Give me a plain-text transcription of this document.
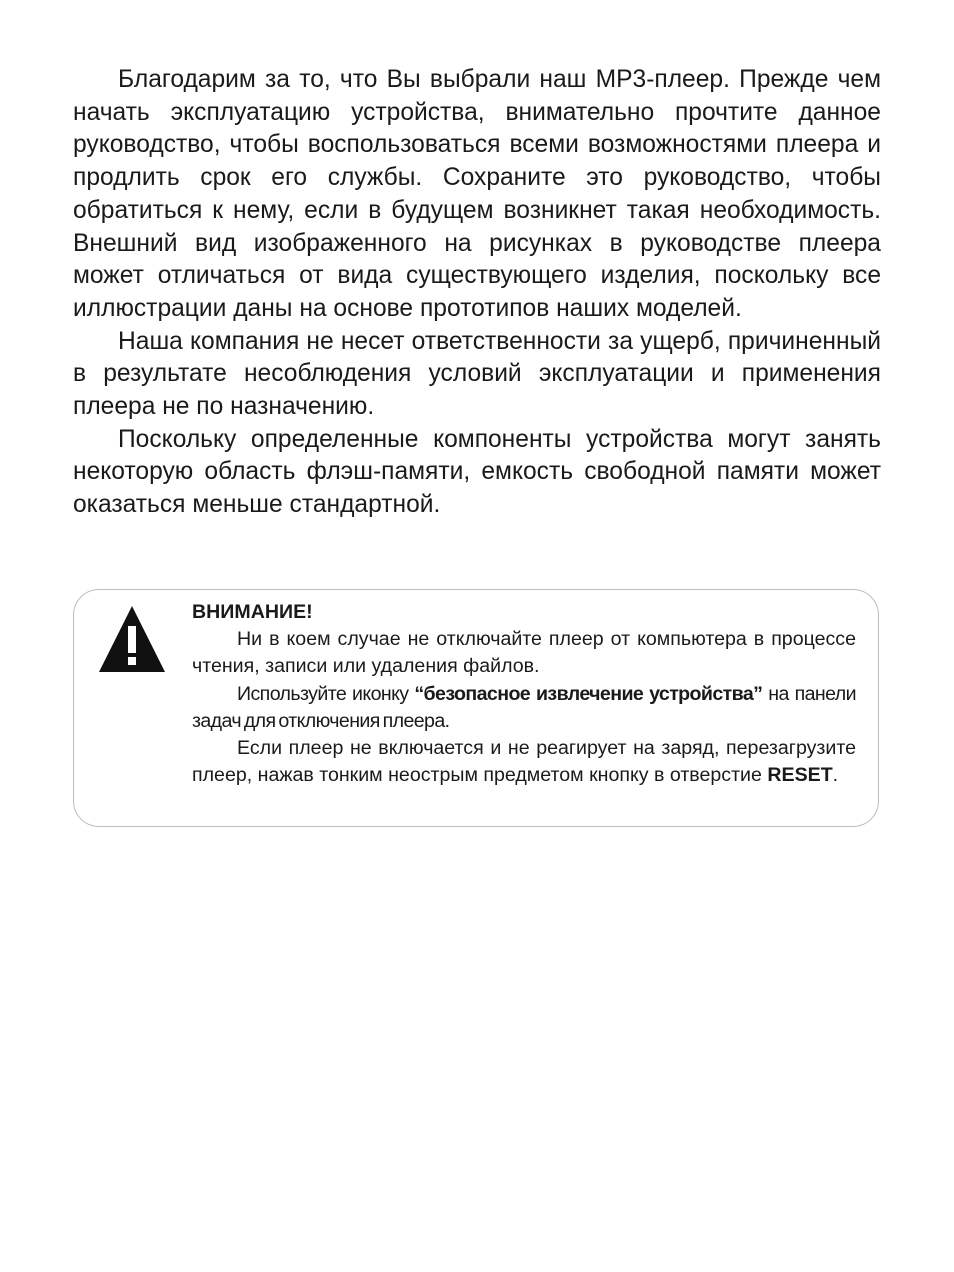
Благодарим за то, что Вы выбрали наш MP3-плеер. Прежде чем начать эксплуатацию устройства, внимательно прочтите данное руководство, чтобы воспользоваться всеми возможностями плеера и продлить срок его службы. Сохраните это руководство, чтобы обратиться к нему, если в будущем возникнет такая необходимость. Внешний вид изображенного на рисунках в руководстве плеера может отличаться от вида существующего изделия, поскольку все иллюстрации даны на основе прототипов наших моделей.

Наша компания не несет ответственности за ущерб, причиненный в результате несоблюдения условий эксплуатации и применения плеера не по назначению.

Поскольку определенные компоненты устройства могут занять некоторую область флэш-памяти, емкость свободной памяти может оказаться меньше стандартной.

ВНИМАНИЕ!

Ни в коем случае не отключайте плеер от компьютера в процессе чтения, записи или удаления файлов.

Используйте иконку “безопасное извлечение устройства” на панели задач для отключения плеера.

Если плеер не включается и не реагирует на заряд, перезагрузите плеер, нажав тонким неострым предметом кнопку в отверстие RESET.
